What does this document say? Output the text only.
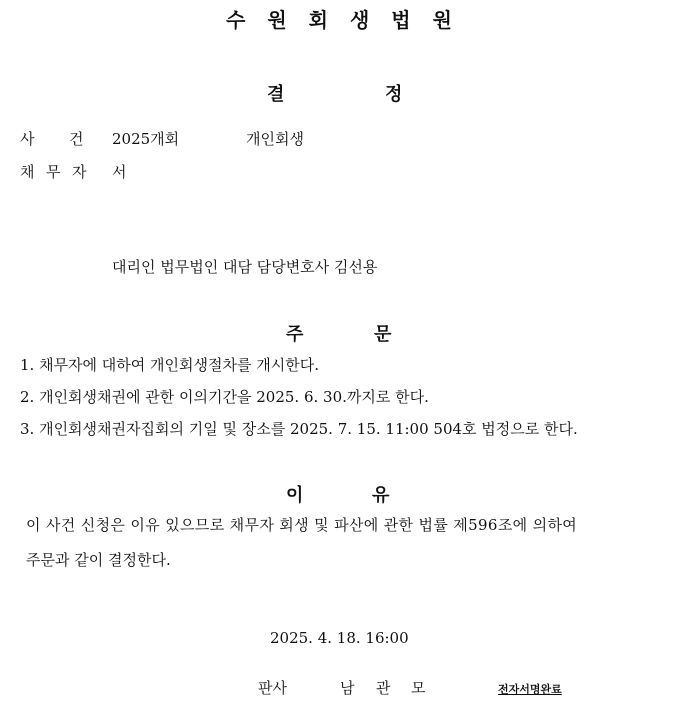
수원회생법원
결	정
사 건 2025개회	개인회생
채 무 자 서
대리인 법무법인 대담 담당변호사 김선용
주	문
1. 채무자에 대하여 개인회생절차를 개시한다.
2. 개인회생채권에 관한 이의기간을 2025. 6. 30.까지로 한다.
3. 개인회생채권자집회의 기일 및 장소를 2025. 7. 15. 11:00 504호 법정으로 한다.
이	유
이 사건 신청은 이유 있으므로 채무자 회생 및 파산에 관한 법률 제596조에 의하여
주문과 같이 결정한다.
2025. 4. 18. 16:00
판사	남 관 모	전자서명완료
